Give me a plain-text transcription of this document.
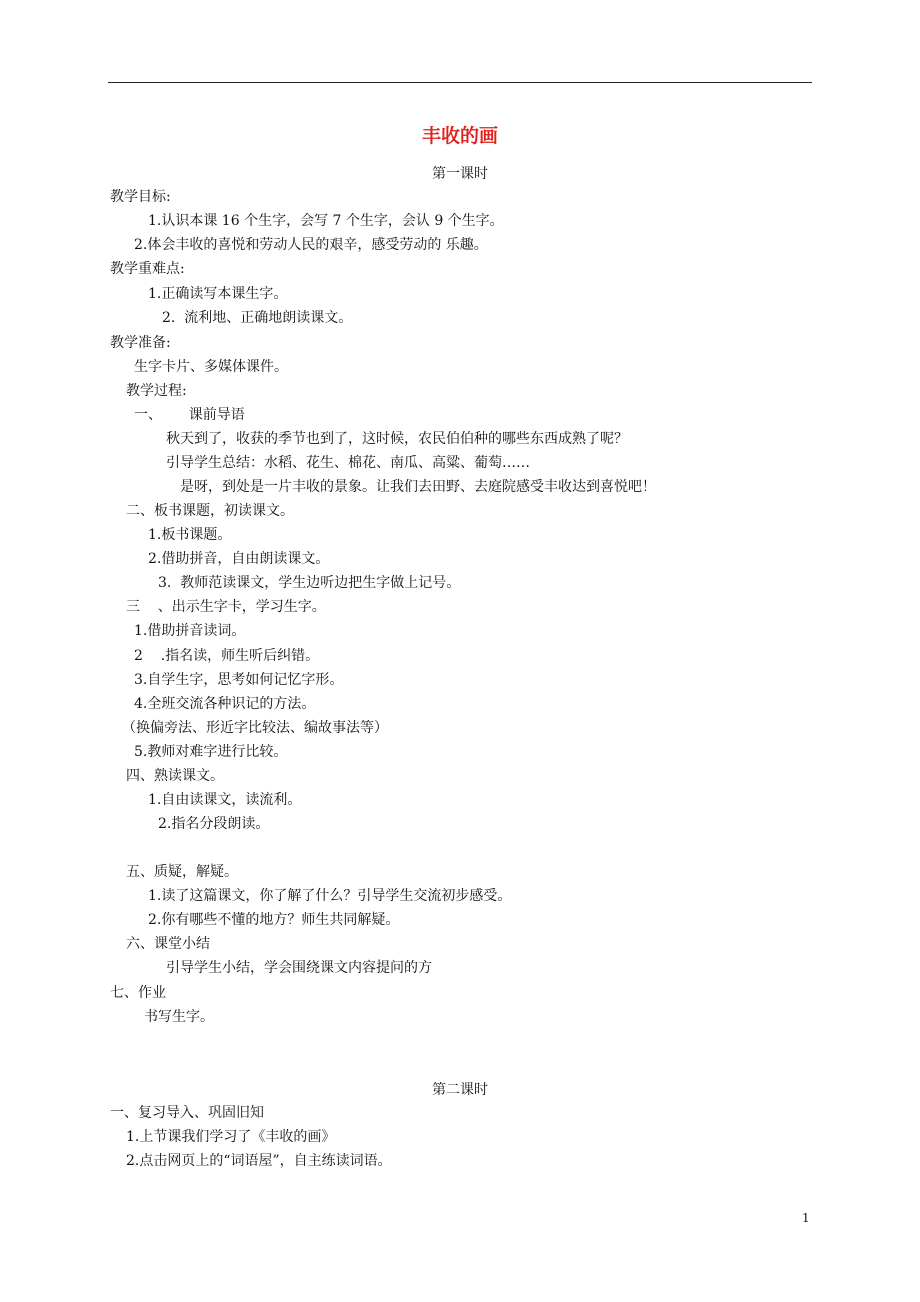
丰收的画
第一课时
教学目标:
1.认识本课 16 个生字，会写 7 个生字，会认 9 个生字。
2.体会丰收的喜悦和劳动人民的艰辛，感受劳动的 乐趣。
教学重难点:
1.正确读写本课生字。
2.  流利地、正确地朗读课文。
教学准备:
生字卡片、多媒体课件。
教学过程:
一、      课前导语
秋天到了，收获的季节也到了，这时候，农民伯伯种的哪些东西成熟了呢？
引导学生总结：水稻、花生、棉花、南瓜、高粱、葡萄……
是呀，到处是一片丰收的景象。让我们去田野、去庭院感受丰收达到喜悦吧！
二、板书课题，初读课文。
1.板书课题。
2.借助拼音，自由朗读课文。
3.  教师范读课文，学生边听边把生字做上记号。
三    、出示生字卡，学习生字。
1.借助拼音读词。
2    .指名读，师生听后纠错。
3.自学生字，思考如何记忆字形。
4.全班交流各种识记的方法。
（换偏旁法、形近字比较法、编故事法等）
5.教师对难字进行比较。
四、熟读课文。
1.自由读课文，读流利。
2.指名分段朗读。
五、质疑，解疑。
1.读了这篇课文，你了解了什么？引导学生交流初步感受。
2.你有哪些不懂的地方？师生共同解疑。
六、课堂小结
引导学生小结，学会围绕课文内容提问的方
七、作业
书写生字。
第二课时
一、复习导入、巩固旧知
1.上节课我们学习了《丰收的画》
2.点击网页上的“词语屋”，自主练读词语。
1
